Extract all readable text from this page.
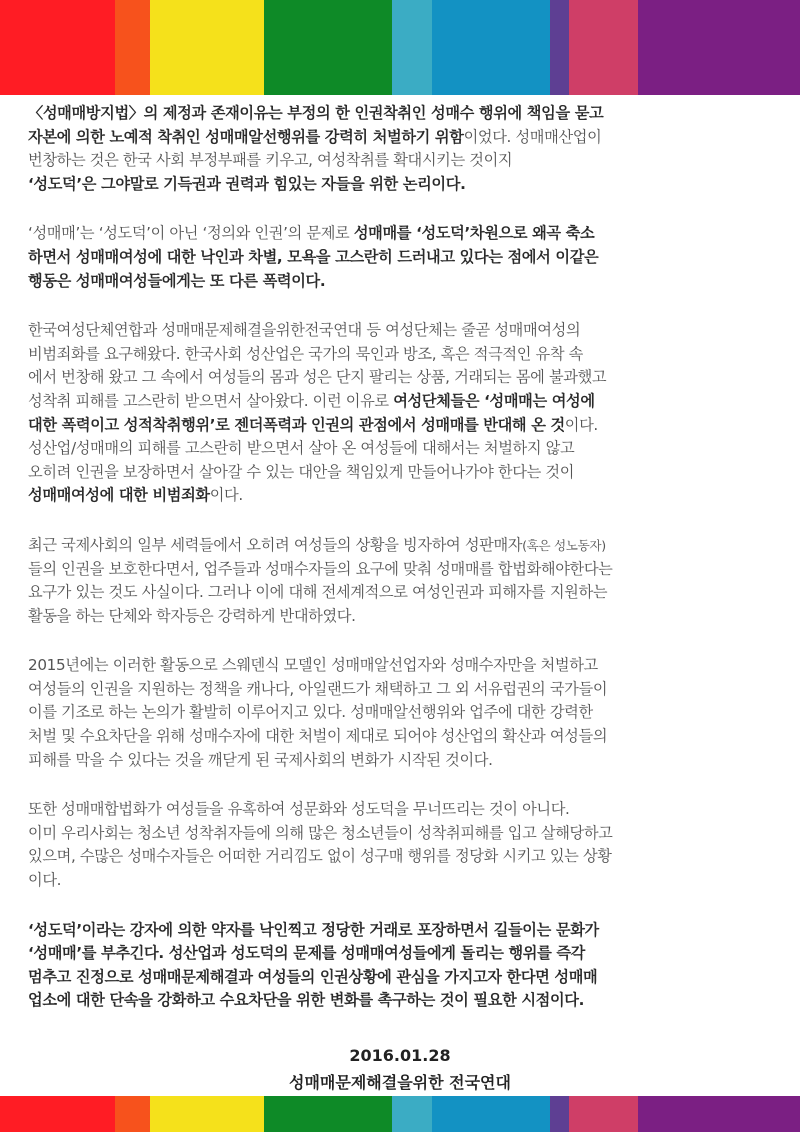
〈성매매방지법〉의 제정과 존재이유는 부정의 한 인권착취인 성매수 행위에 책임을 묻고
자본에 의한 노예적 착취인 성매매알선행위를 강력히 처벌하기 위함이었다. 성매매산업이
번창하는 것은 한국 사회 부정부패를 키우고, 여성착취를 확대시키는 것이지
‘성도덕’은 그야말로 기득권과 권력과 힘있는 자들을 위한 논리이다.
‘성매매’는 ‘성도덕’이 아닌 ‘정의와 인권’의 문제로 성매매를 ‘성도덕’차원으로 왜곡 축소
하면서 성매매여성에 대한 낙인과 차별, 모욕을 고스란히 드러내고 있다는 점에서 이같은
행동은 성매매여성들에게는 또 다른 폭력이다.
한국여성단체연합과 성매매문제해결을위한전국연대 등 여성단체는 줄곧 성매매여성의
비범죄화를 요구해왔다. 한국사회 성산업은 국가의 묵인과 방조, 혹은 적극적인 유착 속
에서 번창해 왔고 그 속에서 여성들의 몸과 성은 단지 팔리는 상품, 거래되는 몸에 불과했고
성착취 피해를 고스란히 받으면서 살아왔다. 이런 이유로 여성단체들은 ‘성매매는 여성에
대한 폭력이고 성적착취행위’로 젠더폭력과 인권의 관점에서 성매매를 반대해 온 것이다.
성산업/성매매의 피해를 고스란히 받으면서 살아 온 여성들에 대해서는 처벌하지 않고
오히려 인권을 보장하면서 살아갈 수 있는 대안을 책임있게 만들어나가야 한다는 것이
성매매여성에 대한 비범죄화이다.
최근 국제사회의 일부 세력들에서 오히려 여성들의 상황을 빙자하여 성판매자(혹은 성노동자)
들의 인권을 보호한다면서, 업주들과 성매수자들의 요구에 맞춰 성매매를 합법화해야한다는
요구가 있는 것도 사실이다. 그러나 이에 대해 전세계적으로 여성인권과 피해자를 지원하는
활동을 하는 단체와 학자등은 강력하게 반대하였다.
2015년에는 이러한 활동으로 스웨덴식 모델인 성매매알선업자와 성매수자만을 처벌하고
여성들의 인권을 지원하는 정책을 캐나다, 아일랜드가 채택하고 그 외 서유럽권의 국가들이
이를 기조로 하는 논의가 활발히 이루어지고 있다. 성매매알선행위와 업주에 대한 강력한
처벌 및 수요차단을 위해 성매수자에 대한 처벌이 제대로 되어야 성산업의 확산과 여성들의
피해를 막을 수 있다는 것을 깨닫게 된 국제사회의 변화가 시작된 것이다.
또한 성매매합법화가 여성들을 유혹하여 성문화와 성도덕을 무너뜨리는 것이 아니다.
이미 우리사회는 청소년 성착취자들에 의해 많은 청소년들이 성착취피해를 입고 살해당하고
있으며, 수많은 성매수자들은 어떠한 거리낌도 없이 성구매 행위를 정당화 시키고 있는 상황
이다.
‘성도덕’이라는 강자에 의한 약자를 낙인찍고 정당한 거래로 포장하면서 길들이는 문화가
‘성매매’를 부추긴다. 성산업과 성도덕의 문제를 성매매여성들에게 돌리는 행위를 즉각
멈추고 진정으로 성매매문제해결과 여성들의 인권상황에 관심을 가지고자 한다면 성매매
업소에 대한 단속을 강화하고 수요차단을 위한 변화를 촉구하는 것이 필요한 시점이다.
2016.01.28
성매매문제해결을위한 전국연대
